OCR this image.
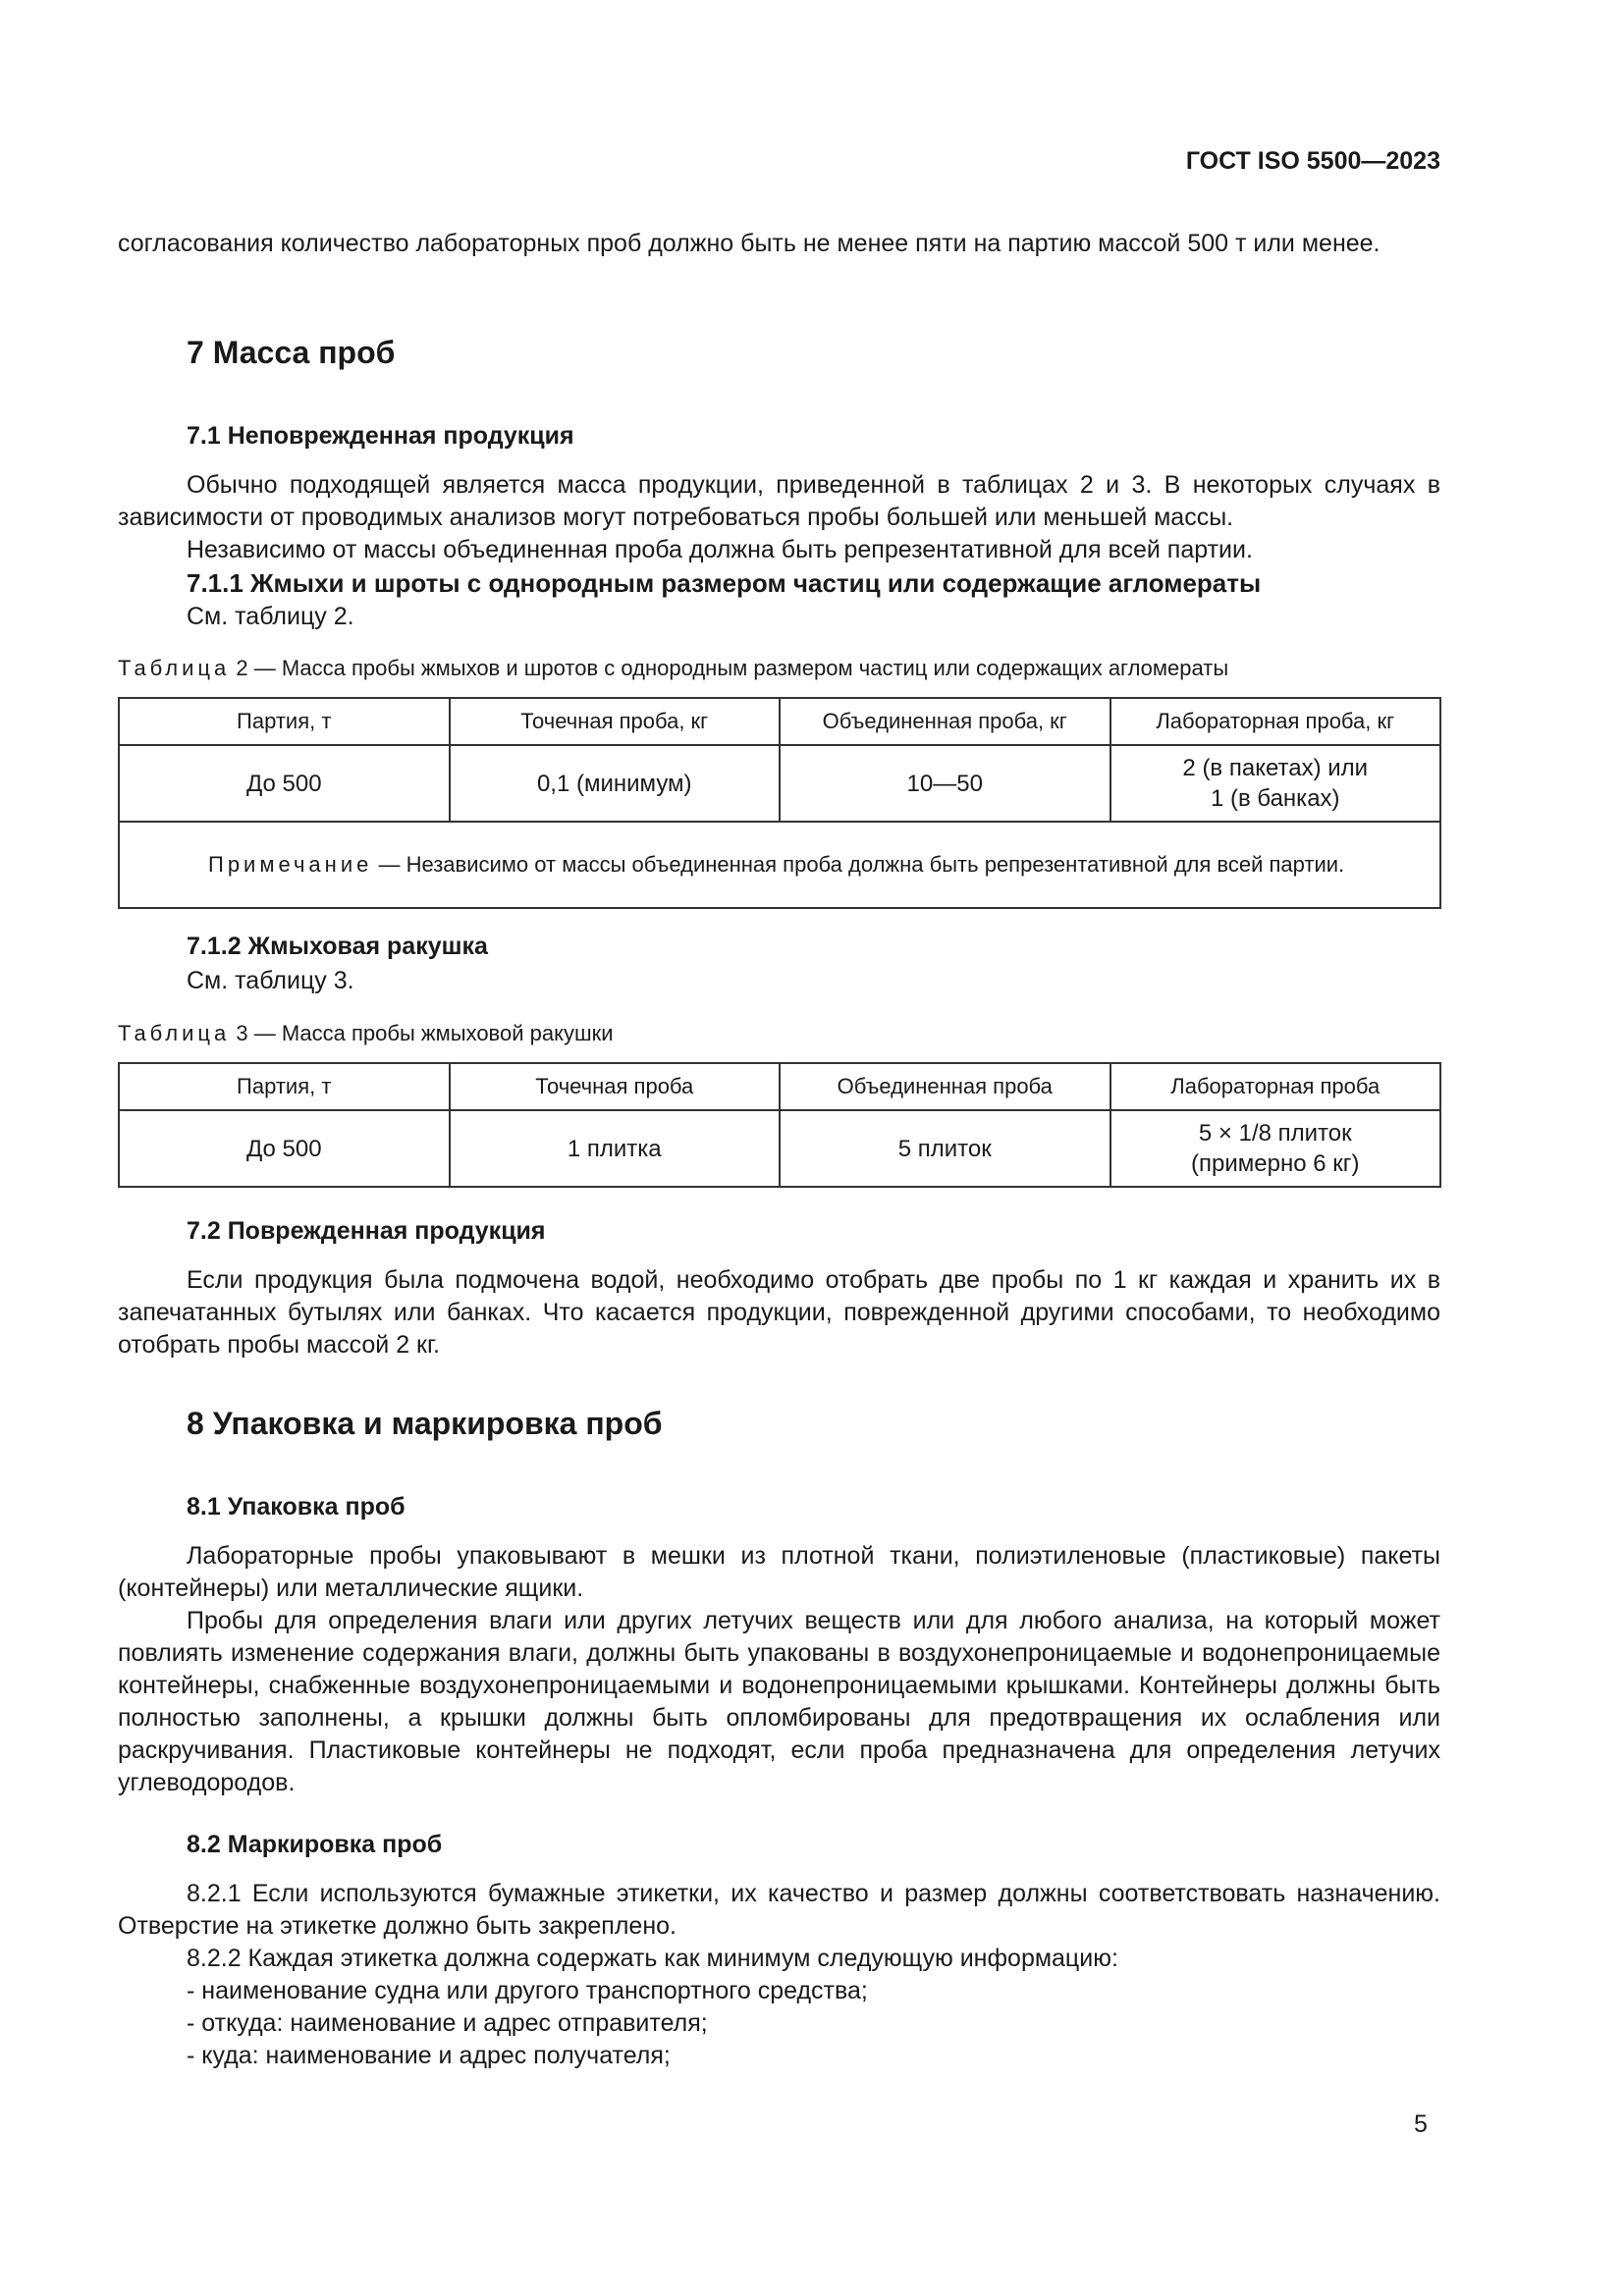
ГОСТ ISO 5500—2023

согласования количество лабораторных проб должно быть не менее пяти на партию массой 500 т или менее.

7 Масса проб
7.1 Неповрежденная продукция

Обычно подходящей является масса продукции, приведенной в таблицах 2 и 3. В некоторых случаях в зависимости от проводимых анализов могут потребоваться пробы большей или меньшей массы.

Независимо от массы объединенная проба должна быть репрезентативной для всей партии.

7.1.1 Жмыхи и шроты с однородным размером частиц или содержащие агломераты
См. таблицу 2.
Таблица 2 — Масса пробы жмыхов и шротов с однородным размером частиц или содержащих агломераты
Партия, т	Точечная проба, кг	Объединенная проба, кг	Лабораторная проба, кг
До 500	0,1 (минимум)	10—50	2 (в пакетах) или
1 (в банках)

Примечание — Независимо от массы объединенная проба должна быть репрезентативной для всей партии.			
7.1.2 Жмыховая ракушка
См. таблицу 3.
Таблица 3 — Масса пробы жмыховой ракушки
Партия, т	Точечная проба	Объединенная проба	Лабораторная проба
До 500	1 плитка	5 плиток	5 × 1/8 плиток
(примерно 6 кг)
7.2 Поврежденная продукция

Если продукция была подмочена водой, необходимо отобрать две пробы по 1 кг каждая и хранить их в запечатанных бутылях или банках. Что касается продукции, поврежденной другими способами, то необходимо отобрать пробы массой 2 кг.

8 Упаковка и маркировка проб
8.1 Упаковка проб

Лабораторные пробы упаковывают в мешки из плотной ткани, полиэтиленовые (пластиковые) пакеты (контейнеры) или металлические ящики.

Пробы для определения влаги или других летучих веществ или для любого анализа, на который может повлиять изменение содержания влаги, должны быть упакованы в воздухонепроницаемые и водонепроницаемые контейнеры, снабженные воздухонепроницаемыми и водонепроницаемыми крышками. Контейнеры должны быть полностью заполнены, а крышки должны быть опломбированы для предотвращения их ослабления или раскручивания. Пластиковые контейнеры не подходят, если проба предназначена для определения летучих углеводородов.

8.2 Маркировка проб

8.2.1 Если используются бумажные этикетки, их качество и размер должны соответствовать назначению. Отверстие на этикетке должно быть закреплено.

8.2.2 Каждая этикетка должна содержать как минимум следующую информацию:

- наименование судна или другого транспортного средства;
- откуда: наименование и адрес отправителя;
- куда: наименование и адрес получателя;
5
